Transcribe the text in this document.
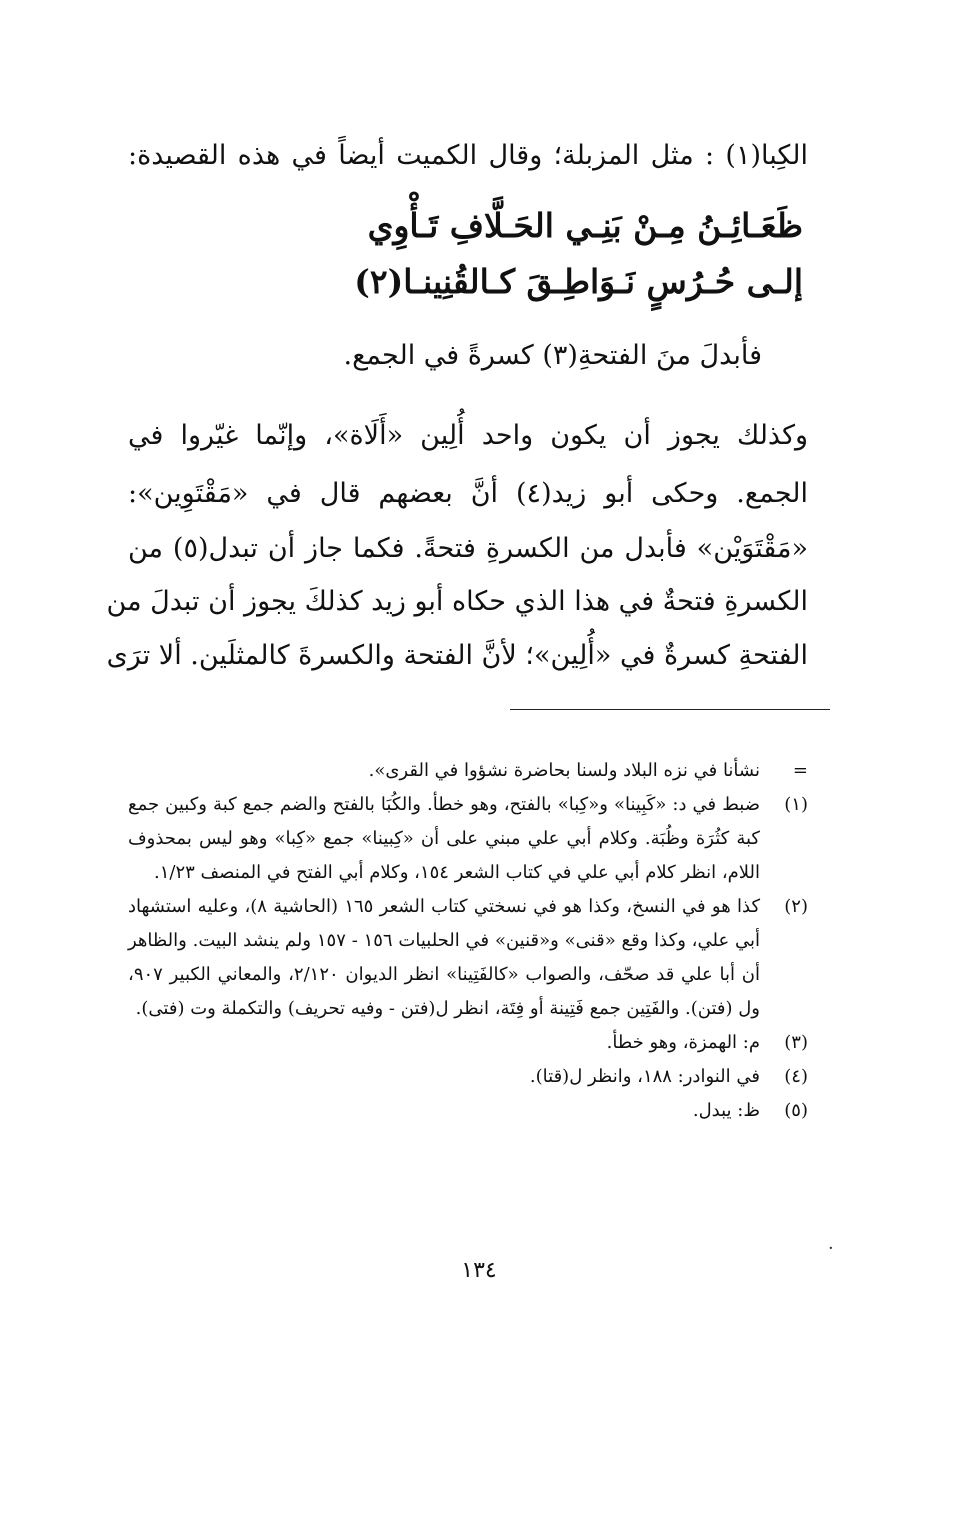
الكِبا(١) : مثل المزبلة؛ وقال الكميت أيضاً في هذه القصيدة:
ظَعَـائِـنُ مِـنْ بَنِـي الحَـلَّافِ تَـأْوِي
إلـى حُـرُسٍ نَـوَاطِـقَ كـالقُنِينـا(٢)
فأبدلَ منَ الفتحةِ(٣) كسرةً في الجمع.
وكذلك يجوز أن يكون واحد أُلِين «أَلَاة»، وإنّما غيّروا في
الجمع. وحكى أبو زيد(٤) أنَّ بعضهم قال في «مَقْتَوِين»:
«مَقْتَوَيْن» فأبدل من الكسرةِ فتحةً. فكما جاز أن تبدل(٥) من
الكسرةِ فتحةٌ في هذا الذي حكاه أبو زيد كذلكَ يجوز أن تبدلَ من
الفتحةِ كسرةٌ في «أُلِين»؛ لأنَّ الفتحة والكسرةَ كالمثلَين. ألا ترَى
=
نشأنا في نزه البلاد ولسنا بحاضرة نشؤوا في القرى».
(١)
ضبط في د: «كَبِينا» و«كِبا» بالفتح، وهو خطأ. والكُبَا بالفتح والضم جمع كبة وكبين جمع كبة كثُرَة وظُبَة. وكلام أبي علي مبني على أن «كِبينا» جمع «كِبا» وهو ليس بمحذوف اللام، انظر كلام أبي علي في كتاب الشعر ١٥٤، وكلام أبي الفتح في المنصف ١/٢٣.
(٢)
كذا هو في النسخ، وكذا هو في نسختي كتاب الشعر ١٦٥ (الحاشية ٨)، وعليه استشهاد أبي علي، وكذا وقع «قنى» و«قنين» في الحلبيات ١٥٦ - ١٥٧ ولم ينشد البيت. والظاهر أن أبا علي قد صحّف، والصواب «كالفَتِينا» انظر الديوان ٢/١٢٠، والمعاني الكبير ٩٠٧، ول (فتن). والفَتِين جمع فَتِينة أو فِتَة، انظر ل(فتن - وفيه تحريف) والتكملة وت (فتى).
(٣)
م: الهمزة، وهو خطأ.
(٤)
في النوادر: ١٨٨، وانظر ل(قتا).
(٥)
ظ: يبدل.
١٣٤
·
